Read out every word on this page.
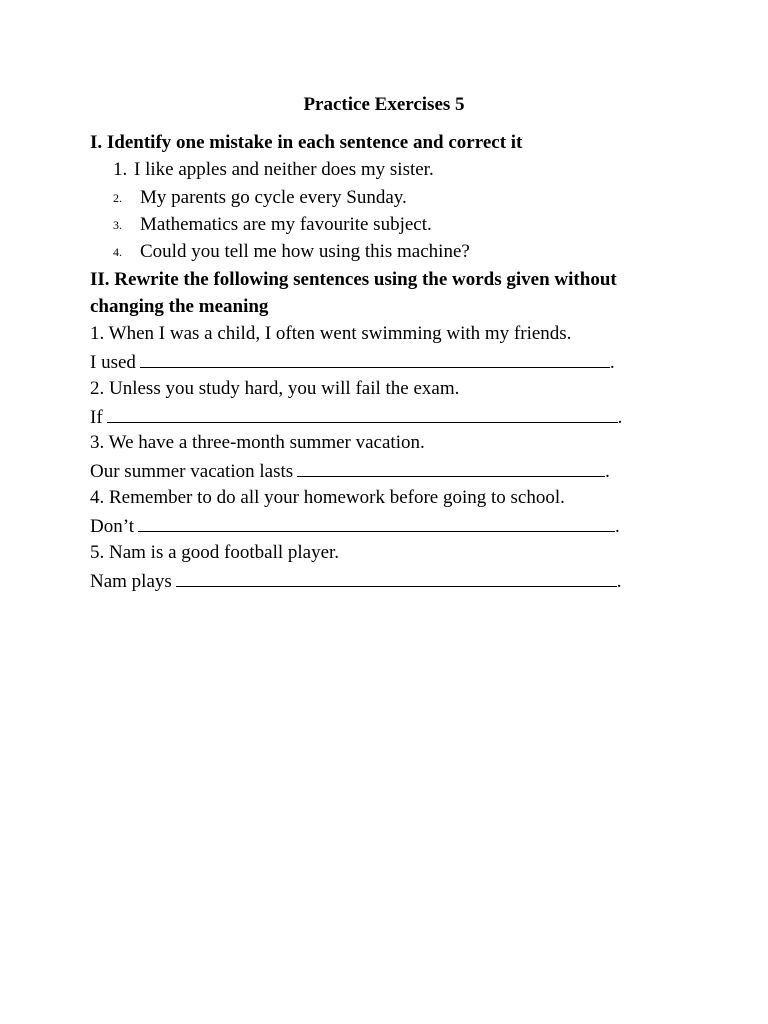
Practice Exercises 5
I. Identify one mistake in each sentence and correct it
1. I like apples and neither does my sister.
2. My parents go cycle every Sunday.
3. Mathematics are my favourite subject.
4. Could you tell me how using this machine?
II. Rewrite the following sentences using the words given without
changing the meaning
1. When I was a child, I often went swimming with my friends.
I used	.
2. Unless you study hard, you will fail the exam.
If	.
3. We have a three-month summer vacation.
Our summer vacation lasts	.
4. Remember to do all your homework before going to school.
Don’t	.
5. Nam is a good football player.
Nam plays	.
